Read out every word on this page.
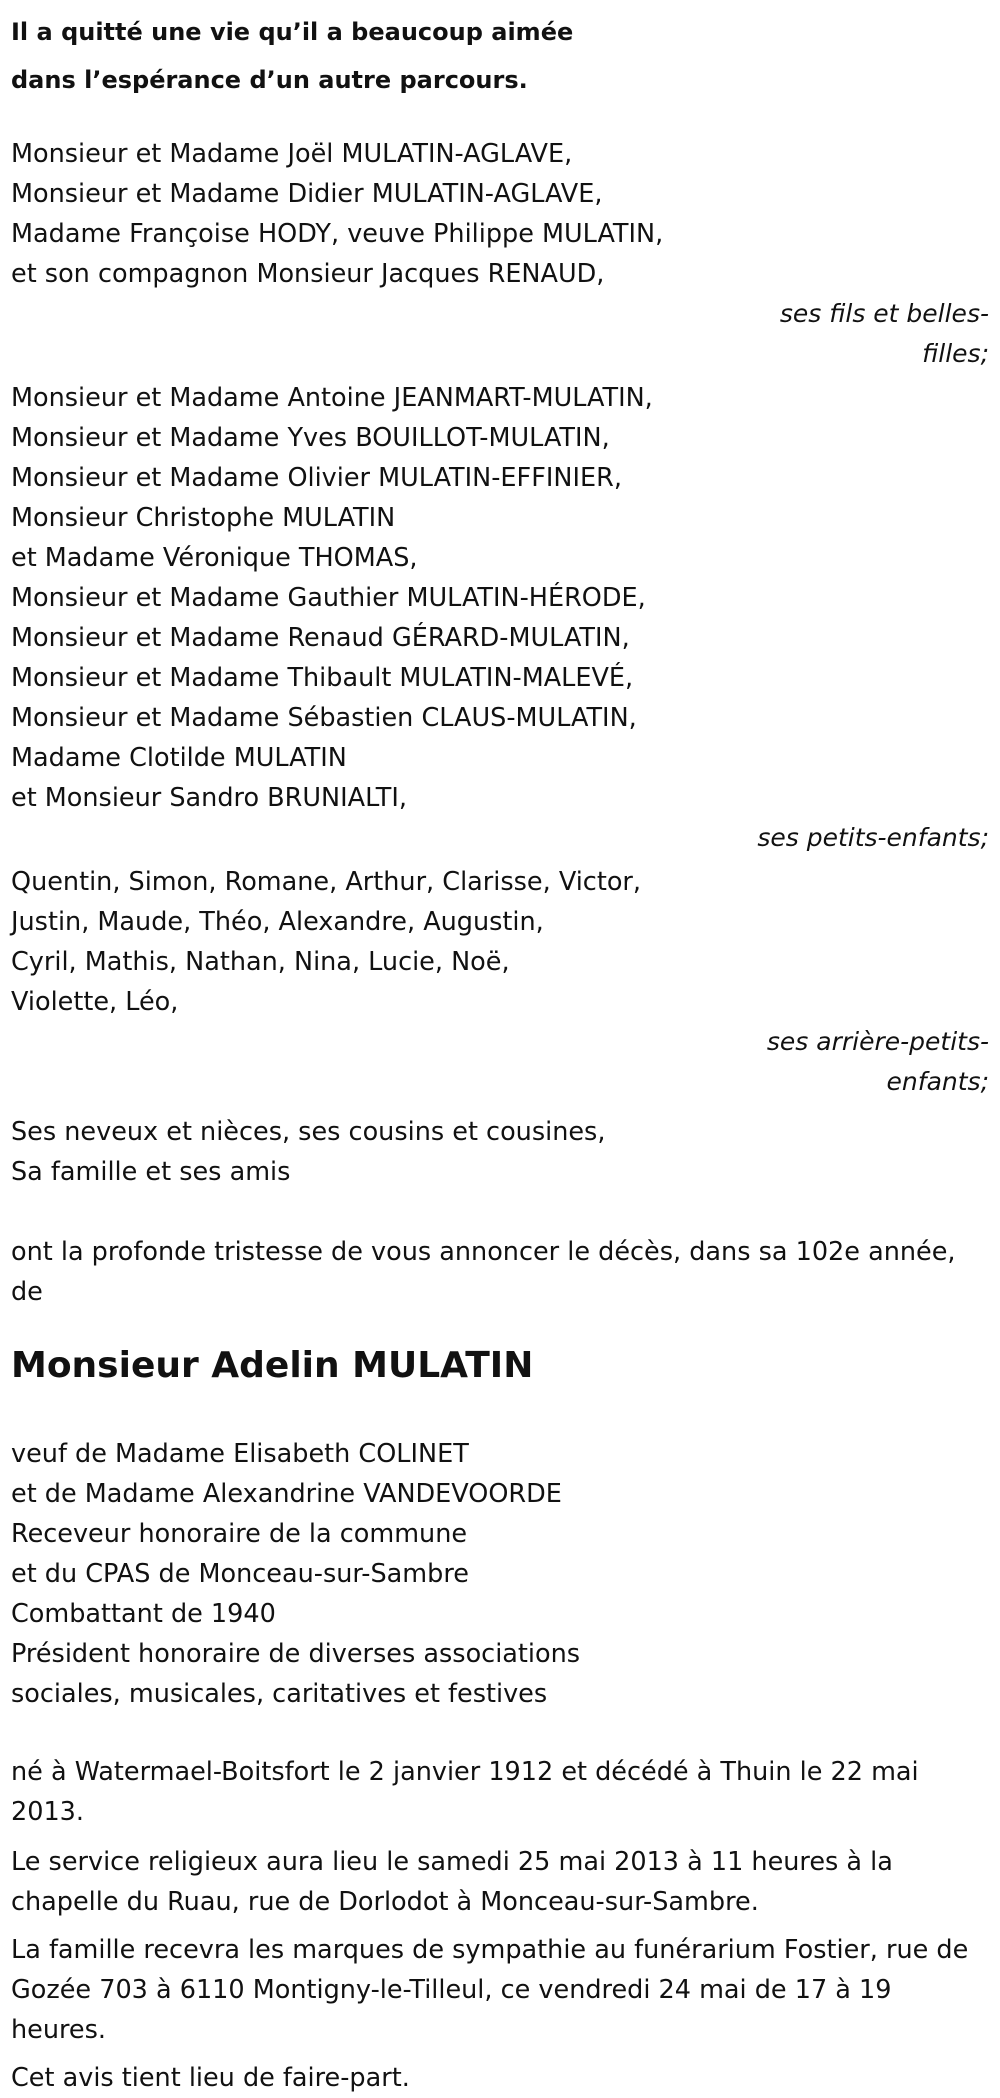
Il a quitté une vie qu’il a beaucoup aimée
dans l’espérance d’un autre parcours.
Monsieur et Madame Joël MULATIN-AGLAVE,
Monsieur et Madame Didier MULATIN-AGLAVE,
Madame Françoise HODY, veuve Philippe MULATIN,
et son compagnon Monsieur Jacques RENAUD,
ses fils et belles-
filles;
Monsieur et Madame Antoine JEANMART-MULATIN,
Monsieur et Madame Yves BOUILLOT-MULATIN,
Monsieur et Madame Olivier MULATIN-EFFINIER,
Monsieur Christophe MULATIN
et Madame Véronique THOMAS,
Monsieur et Madame Gauthier MULATIN-HÉRODE,
Monsieur et Madame Renaud GÉRARD-MULATIN,
Monsieur et Madame Thibault MULATIN-MALEVÉ,
Monsieur et Madame Sébastien CLAUS-MULATIN,
Madame Clotilde MULATIN
et Monsieur Sandro BRUNIALTI,
ses petits-enfants;
Quentin, Simon, Romane, Arthur, Clarisse, Victor,
Justin, Maude, Théo, Alexandre, Augustin,
Cyril, Mathis, Nathan, Nina, Lucie, Noë,
Violette, Léo,
ses arrière-petits-
enfants;
Ses neveux et nièces, ses cousins et cousines,
Sa famille et ses amis
ont la profonde tristesse de vous annoncer le décès, dans sa 102e année,
de
Monsieur Adelin MULATIN
veuf de Madame Elisabeth COLINET
et de Madame Alexandrine VANDEVOORDE
Receveur honoraire de la commune
et du CPAS de Monceau-sur-Sambre
Combattant de 1940
Président honoraire de diverses associations
sociales, musicales, caritatives et festives

né à Watermael-Boitsfort le 2 janvier 1912 et décédé à Thuin le 22 mai 2013.

Le service religieux aura lieu le samedi 25 mai 2013 à 11 heures à la chapelle du Ruau, rue de Dorlodot à Monceau-sur-Sambre.

La famille recevra les marques de sympathie au funérarium Fostier, rue de Gozée 703 à 6110 Montigny-le-Tilleul, ce vendredi 24 mai de 17 à 19 heures.

Cet avis tient lieu de faire-part.
